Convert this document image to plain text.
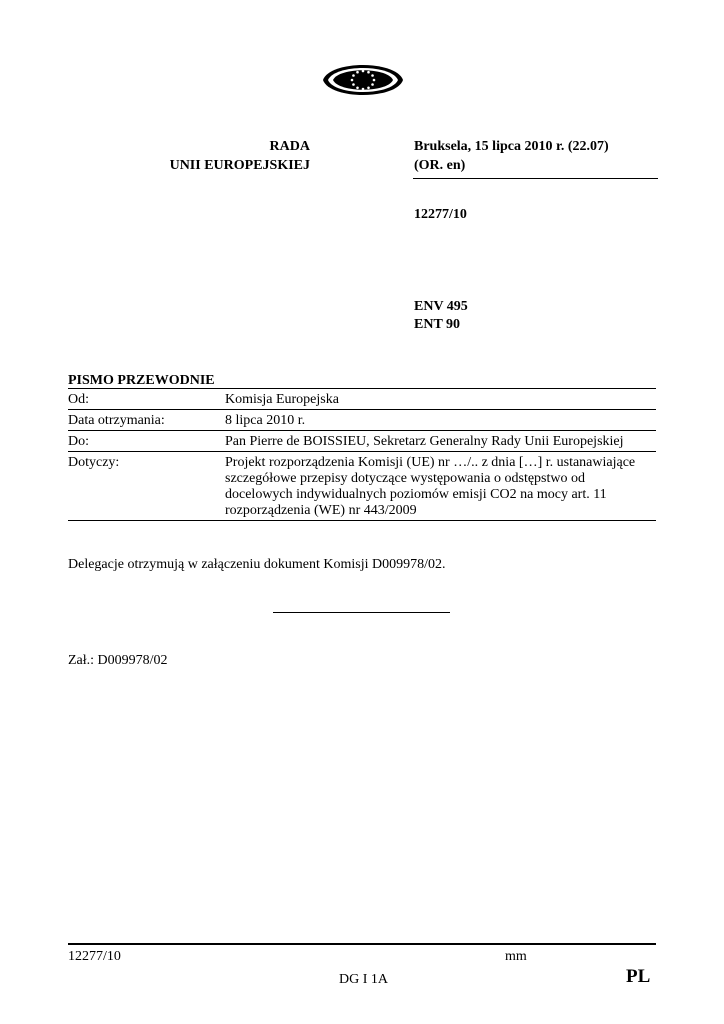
RADA
UNII EUROPEJSKIEJ
Bruksela, 15 lipca 2010 r. (22.07)
(OR. en)
12277/10
ENV 495
ENT 90
PISMO PRZEWODNIE
Od:	Komisja Europejska
Data otrzymania:	8 lipca 2010 r.
Do:	Pan Pierre de BOISSIEU, Sekretarz Generalny Rady Unii Europejskiej
Dotyczy:	Projekt rozporządzenia Komisji (UE) nr …/.. z dnia […] r. ustanawiające szczegółowe przepisy dotyczące występowania o odstępstwo od docelowych indywidualnych poziomów emisji CO2 na mocy art. 11 rozporządzenia (WE) nr 443/2009
Delegacje otrzymują w załączeniu dokument Komisji D009978/02.
Zał.: D009978/02
12277/10	mm
DG I 1A	PL
